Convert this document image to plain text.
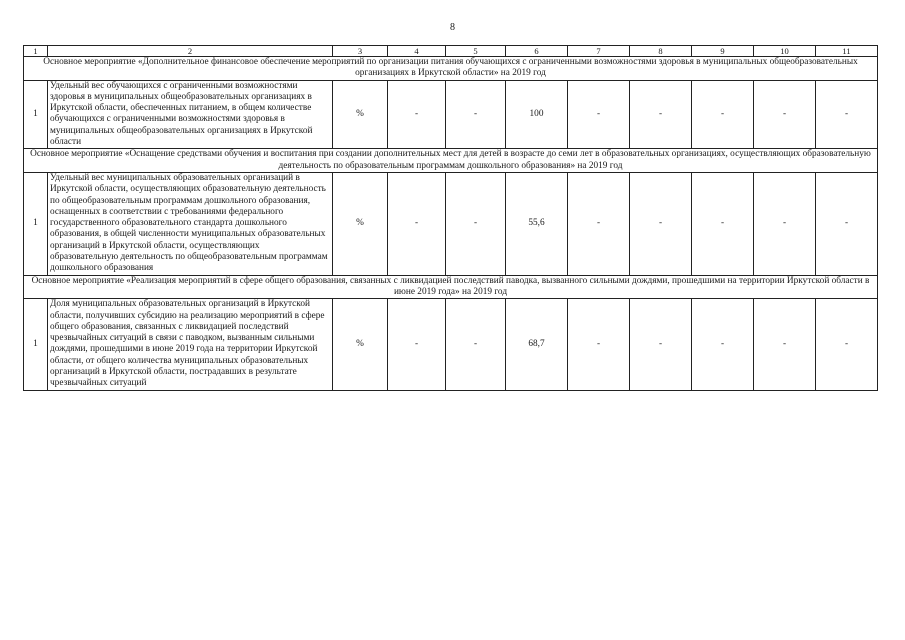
8
1	2	3	4	5	6	7	8	9	10	11
Основное мероприятие «Дополнительное финансовое обеспечение мероприятий по организации питания обучающихся с ограниченными возможностями здоровья в муниципальных общеобразовательных организациях в Иркутской области» на 2019 год										
1	Удельный вес обучающихся с ограниченными возможностями здоровья в муниципальных общеобразовательных организациях в Иркутской области, обеспеченных питанием, в общем количестве обучающихся с ограниченными возможностями здоровья в муниципальных общеобразовательных организациях в Иркутской области	%	-	-	100	-	-	-	-	-
Основное мероприятие «Оснащение средствами обучения и воспитания при создании дополнительных мест для детей в возрасте до семи лет в образовательных организациях, осуществляющих образовательную деятельность по образовательным программам дошкольного образования» на 2019 год										
1	Удельный вес муниципальных образовательных организаций в Иркутской области, осуществляющих образовательную деятельность по общеобразовательным программам дошкольного образования, оснащенных в соответствии с требованиями федерального государственного образовательного стандарта дошкольного образования, в общей численности муниципальных образовательных организаций в Иркутской области, осуществляющих образовательную деятельность по общеобразовательным программам дошкольного образования	%	-	-	55,6	-	-	-	-	-
Основное мероприятие «Реализация мероприятий в сфере общего образования, связанных с ликвидацией последствий паводка, вызванного сильными дождями, прошедшими на территории Иркутской области в июне 2019 года» на 2019 год										
1	Доля муниципальных образовательных организаций в Иркутской области, получивших субсидию на реализацию мероприятий в сфере общего образования, связанных с ликвидацией последствий чрезвычайных ситуаций в связи с паводком, вызванным сильными дождями, прошедшими в июне 2019 года на территории Иркутской области, от общего количества муниципальных образовательных организаций в Иркутской области, пострадавших в результате чрезвычайных ситуаций	%	-	-	68,7	-	-	-	-	-
